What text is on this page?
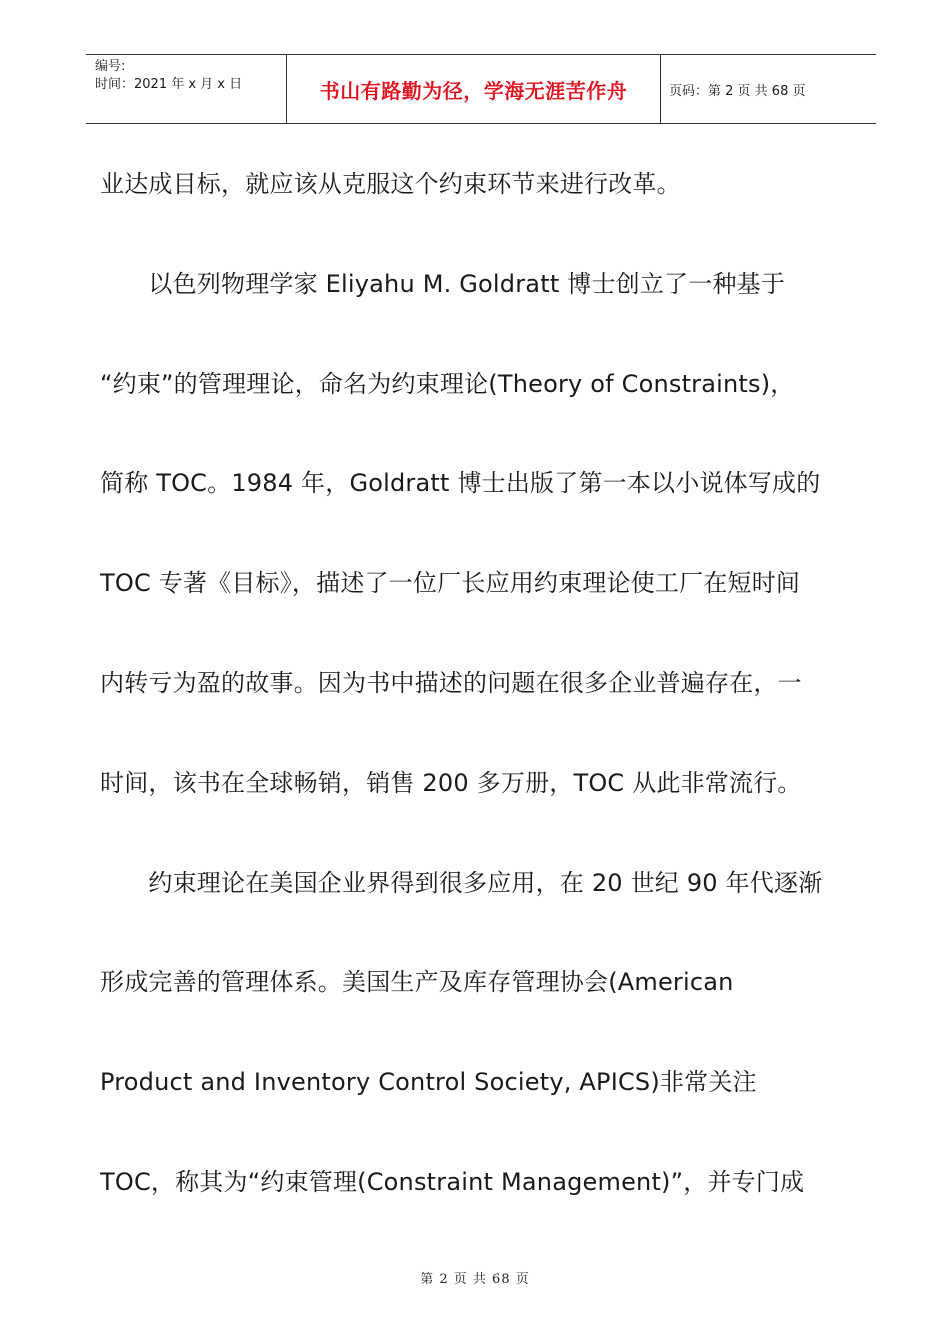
编号:
时间：2021 年 x 月 x 日	书山有路勤为径，学海无涯苦作舟	页码：第 2 页 共 68 页
业达成目标，就应该从克服这个约束环节来进行改革。
　　以色列物理学家 Eliyahu M. Goldratt 博士创立了一种基于
“约束”的管理理论，命名为约束理论(Theory of Constraints)，
简称 TOC。1984 年，Goldratt 博士出版了第一本以小说体写成的
TOC 专著《目标》，描述了一位厂长应用约束理论使工厂在短时间
内转亏为盈的故事。因为书中描述的问题在很多企业普遍存在，一
时间，该书在全球畅销，销售 200 多万册，TOC 从此非常流行。
　　约束理论在美国企业界得到很多应用，在 20 世纪 90 年代逐渐
形成完善的管理体系。美国生产及库存管理协会(American
Product and Inventory Control Society, APICS)非常关注
TOC，称其为“约束管理(Constraint Management)”，并专门成
第 2 页 共 68 页
